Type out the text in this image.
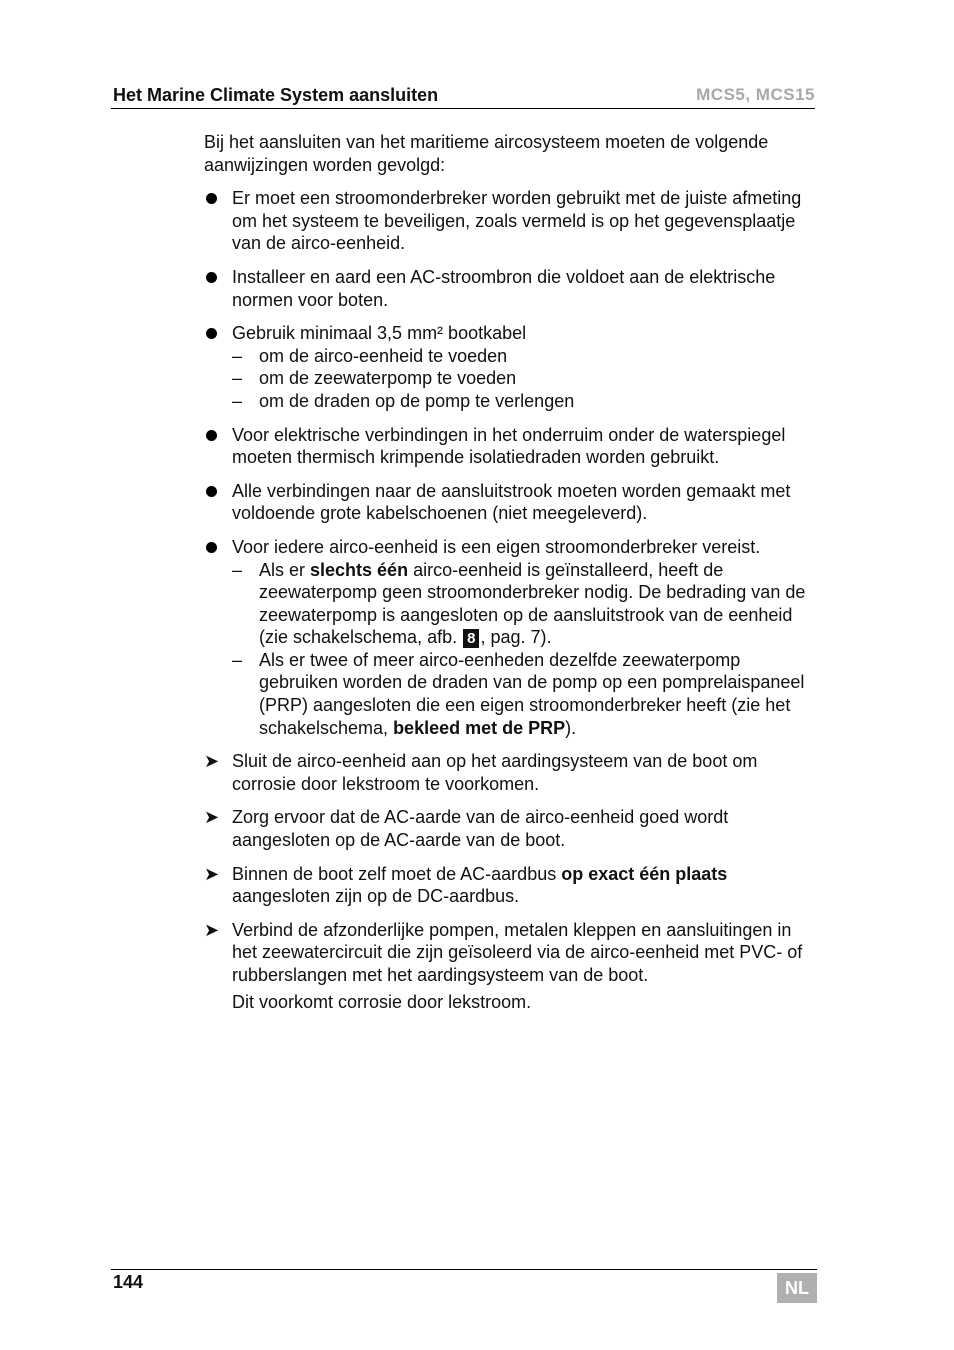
Het Marine Climate System aansluiten	MCS5, MCS15

Bij het aansluiten van het maritieme aircosysteem moeten de volgende aanwijzingen worden gevolgd:

Er moet een stroomonderbreker worden gebruikt met de juiste afmeting om het systeem te beveiligen, zoals vermeld is op het gegevensplaatje van de airco-eenheid.
Installeer en aard een AC-stroombron die voldoet aan de elektrische normen voor boten.
Gebruik minimaal 3,5 mm² bootkabel
– om de airco-eenheid te voeden
– om de zeewaterpomp te voeden
– om de draden op de pomp te verlengen
Voor elektrische verbindingen in het onderruim onder de waterspiegel moeten thermisch krimpende isolatiedraden worden gebruikt.
Alle verbindingen naar de aansluitstrook moeten worden gemaakt met voldoende grote kabelschoenen (niet meegeleverd).
Voor iedere airco-eenheid is een eigen stroomonderbreker vereist.
– Als er slechts één airco-eenheid is geïnstalleerd, heeft de zeewaterpomp geen stroomonderbreker nodig. De bedrading van de zeewaterpomp is aangesloten op de aansluitstrook van de eenheid (zie schakelschema, afb. 8 , pag. 7).
– Als er twee of meer airco-eenheden dezelfde zeewaterpomp gebruiken worden de draden van de pomp op een pomprelaispaneel (PRP) aangesloten die een eigen stroomonderbreker heeft (zie het schakelschema, bekleed met de PRP).
➤ Sluit de airco-eenheid aan op het aardingsysteem van de boot om corrosie door lekstroom te voorkomen.
➤ Zorg ervoor dat de AC-aarde van de airco-eenheid goed wordt aangesloten op de AC-aarde van de boot.
➤ Binnen de boot zelf moet de AC-aardbus op exact één plaats aangesloten zijn op de DC-aardbus.
➤ Verbind de afzonderlijke pompen, metalen kleppen en aansluitingen in het zeewatercircuit die zijn geïsoleerd via de airco-eenheid met PVC- of rubberslangen met het aardingsysteem van de boot.
Dit voorkomt corrosie door lekstroom.
144	NL
